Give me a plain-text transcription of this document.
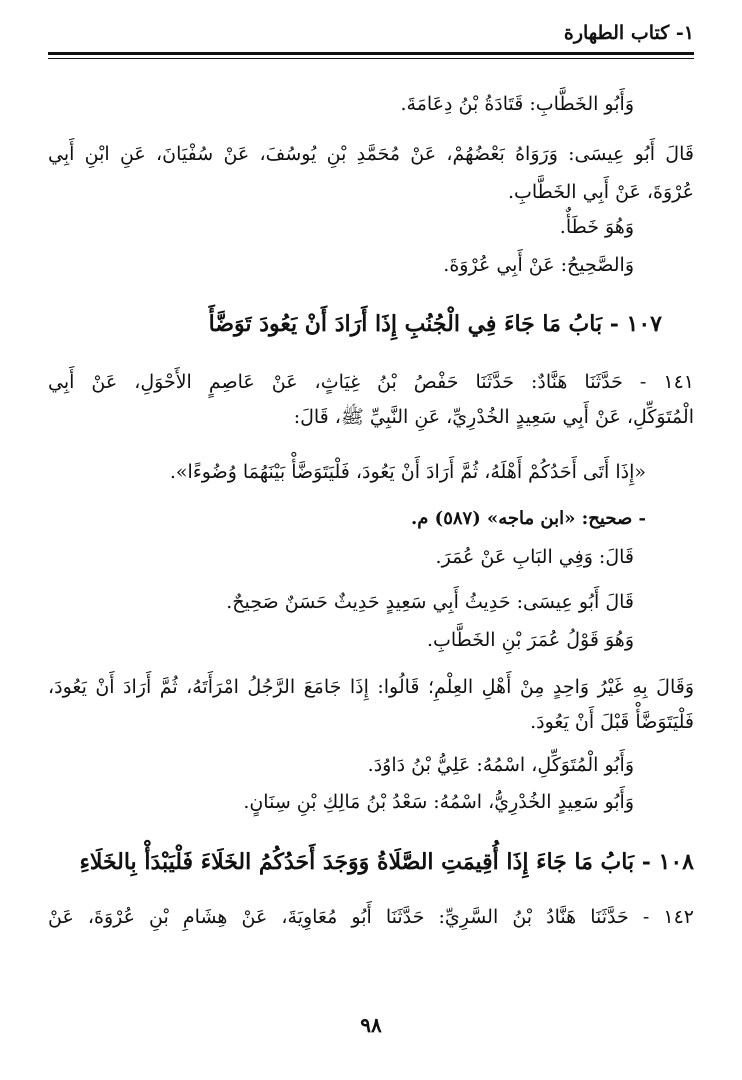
١- كتاب الطهارة
وَأَبُو الخَطَّابِ: قَتَادَةُ بْنُ دِعَامَةَ.
قَالَ أَبُو عِيسَى: وَرَوَاهُ بَعْضُهُمْ، عَنْ مُحَمَّدِ بْنِ يُوسُفَ، عَنْ سُفْيَانَ، عَنِ ابْنِ أَبِي
عُرْوَةَ، عَنْ أَبِي الخَطَّابِ.
وَهُوَ خَطَأٌ.
وَالصَّحِيحُ: عَنْ أَبِي عُرْوَةَ.
١٠٧ - بَابُ مَا جَاءَ فِي الْجُنُبِ إِذَا أَرَادَ أَنْ يَعُودَ تَوَضَّأَ
١٤١ - حَدَّثَنَا هَنَّادٌ: حَدَّثَنَا حَفْصُ بْنُ غِيَاثٍ، عَنْ عَاصِمٍ الأَحْوَلِ، عَنْ أَبِي
الْمُتَوَكِّلِ، عَنْ أَبِي سَعِيدٍ الخُدْرِيِّ، عَنِ النَّبِيِّ ﷺ، قَالَ:
«إِذَا أَتَى أَحَدُكُمْ أَهْلَهُ، ثُمَّ أَرَادَ أَنْ يَعُودَ، فَلْيَتَوَضَّأْ بَيْنَهُمَا وُضُوءًا».
- صحيح: «ابن ماجه» (٥٨٧) م.
قَالَ: وَفِي البَابِ عَنْ عُمَرَ.
قَالَ أَبُو عِيسَى: حَدِيثُ أَبِي سَعِيدٍ حَدِيثٌ حَسَنٌ صَحِيحٌ.
وَهُوَ قَوْلُ عُمَرَ بْنِ الخَطَّابِ.
وَقَالَ بِهِ غَيْرُ وَاحِدٍ مِنْ أَهْلِ العِلْمِ؛ قَالُوا: إِذَا جَامَعَ الرَّجُلُ امْرَأَتَهُ، ثُمَّ أَرَادَ أَنْ يَعُودَ،
فَلْيَتَوَضَّأْ قَبْلَ أَنْ يَعُودَ.
وَأَبُو الْمُتَوَكِّلِ، اسْمُهُ: عَلِيُّ بْنُ دَاوُدَ.
وَأَبُو سَعِيدٍ الخُدْرِيُّ، اسْمُهُ: سَعْدُ بْنُ مَالِكِ بْنِ سِنَانٍ.
١٠٨ - بَابُ مَا جَاءَ إِذَا أُقِيمَتِ الصَّلَاةُ وَوَجَدَ أَحَدُكُمُ الخَلَاءَ فَلْيَبْدَأْ بِالخَلَاءِ
١٤٢ - حَدَّثَنَا هَنَّادُ بْنُ السَّرِيِّ: حَدَّثَنَا أَبُو مُعَاوِيَةَ، عَنْ هِشَامِ بْنِ عُرْوَةَ، عَنْ
٩٨
